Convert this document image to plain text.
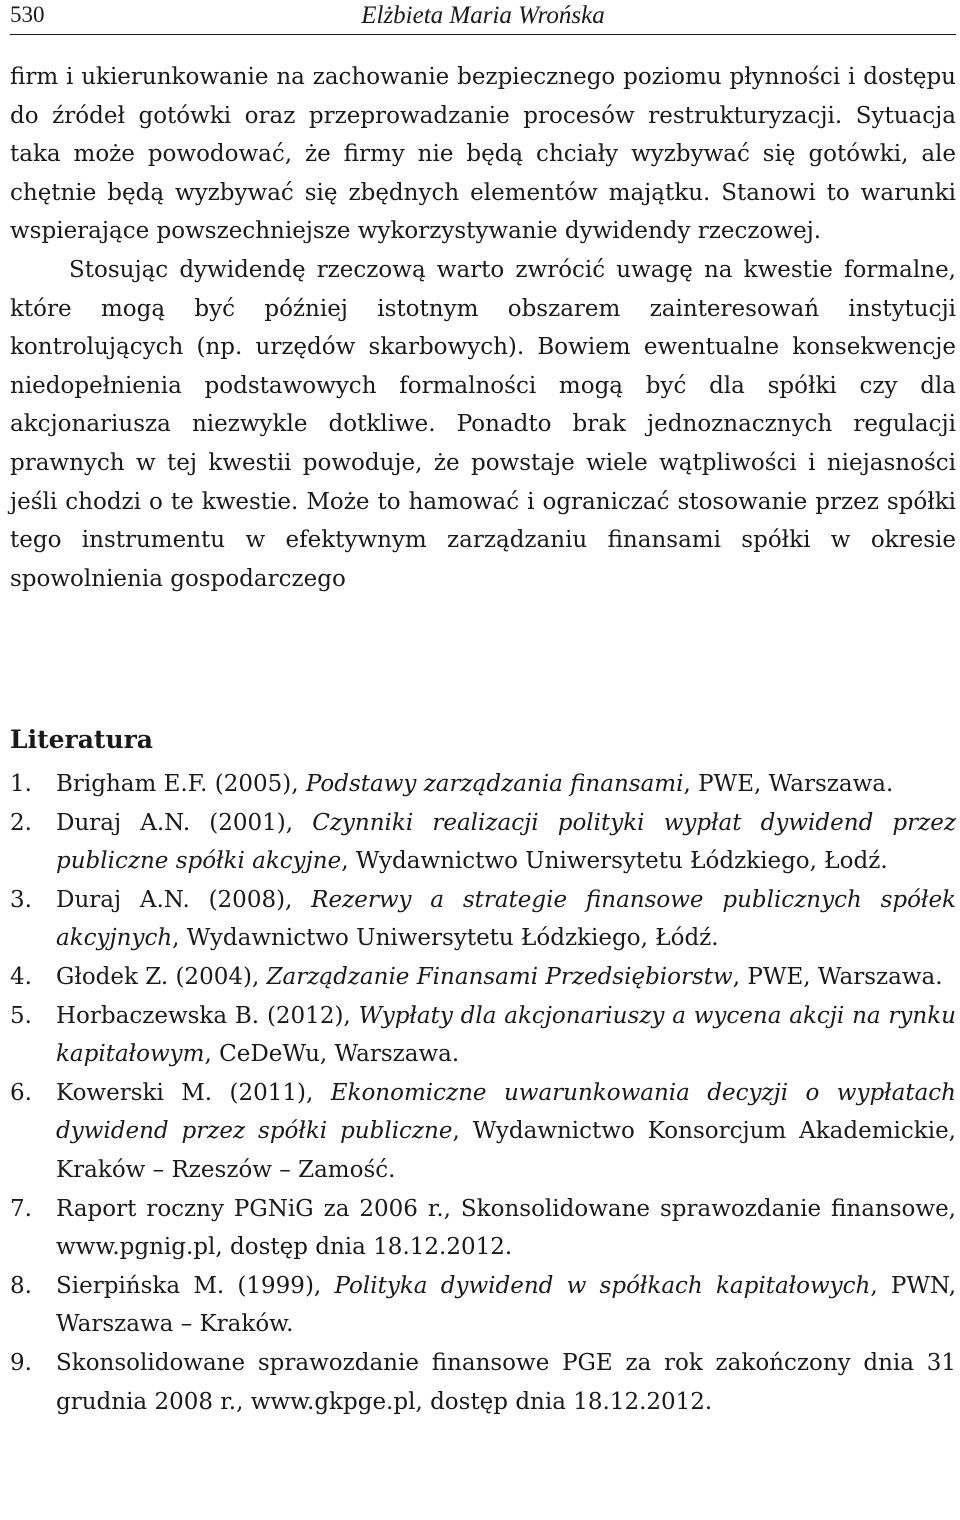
530	Elżbieta Maria Wrońska

firm i ukierunkowanie na zachowanie bezpiecznego poziomu płynności i dostępu do źródeł gotówki oraz przeprowadzanie procesów restrukturyzacji. Sytuacja taka może powodować, że firmy nie będą chciały wyzbywać się gotówki, ale chętnie będą wyzbywać się zbędnych elementów majątku. Stanowi to warunki wspierające powszechniejsze wykorzystywanie dywidendy rzeczowej.

Stosując dywidendę rzeczową warto zwrócić uwagę na kwestie formalne, które mogą być później istotnym obszarem zainteresowań instytucji kontrolujących (np. urzędów skarbowych). Bowiem ewentualne konsekwencje niedopełnienia podstawowych formalności mogą być dla spółki czy dla akcjonariusza niezwykle dotkliwe. Ponadto brak jednoznacznych regulacji prawnych w tej kwestii powoduje, że powstaje wiele wątpliwości i niejasności jeśli chodzi o te kwestie. Może to hamować i ograniczać stosowanie przez spółki tego instrumentu w efektywnym zarządzaniu finansami spółki w okresie spowolnienia gospodarczego

Literatura
1. Brigham E.F. (2005), Podstawy zarządzania finansami, PWE, Warszawa.
2. Duraj A.N. (2001), Czynniki realizacji polityki wypłat dywidend przez publiczne spółki akcyjne, Wydawnictwo Uniwersytetu Łódzkiego, Łodź.
3. Duraj A.N. (2008), Rezerwy a strategie finansowe publicznych spółek akcyjnych, Wydawnictwo Uniwersytetu Łódzkiego, Łódź.
4. Głodek Z. (2004), Zarządzanie Finansami Przedsiębiorstw, PWE, Warszawa.
5. Horbaczewska B. (2012), Wypłaty dla akcjonariuszy a wycena akcji na rynku kapitałowym, CeDeWu, Warszawa.
6. Kowerski M. (2011), Ekonomiczne uwarunkowania decyzji o wypłatach dywidend przez spółki publiczne, Wydawnictwo Konsorcjum Akademickie, Kraków – Rzeszów – Zamość.
7. Raport roczny PGNiG za 2006 r., Skonsolidowane sprawozdanie finansowe, www.pgnig.pl, dostęp dnia 18.12.2012.
8. Sierpińska M. (1999), Polityka dywidend w spółkach kapitałowych, PWN, Warszawa – Kraków.
9. Skonsolidowane sprawozdanie finansowe PGE za rok zakończony dnia 31 grudnia 2008 r., www.gkpge.pl, dostęp dnia 18.12.2012.
